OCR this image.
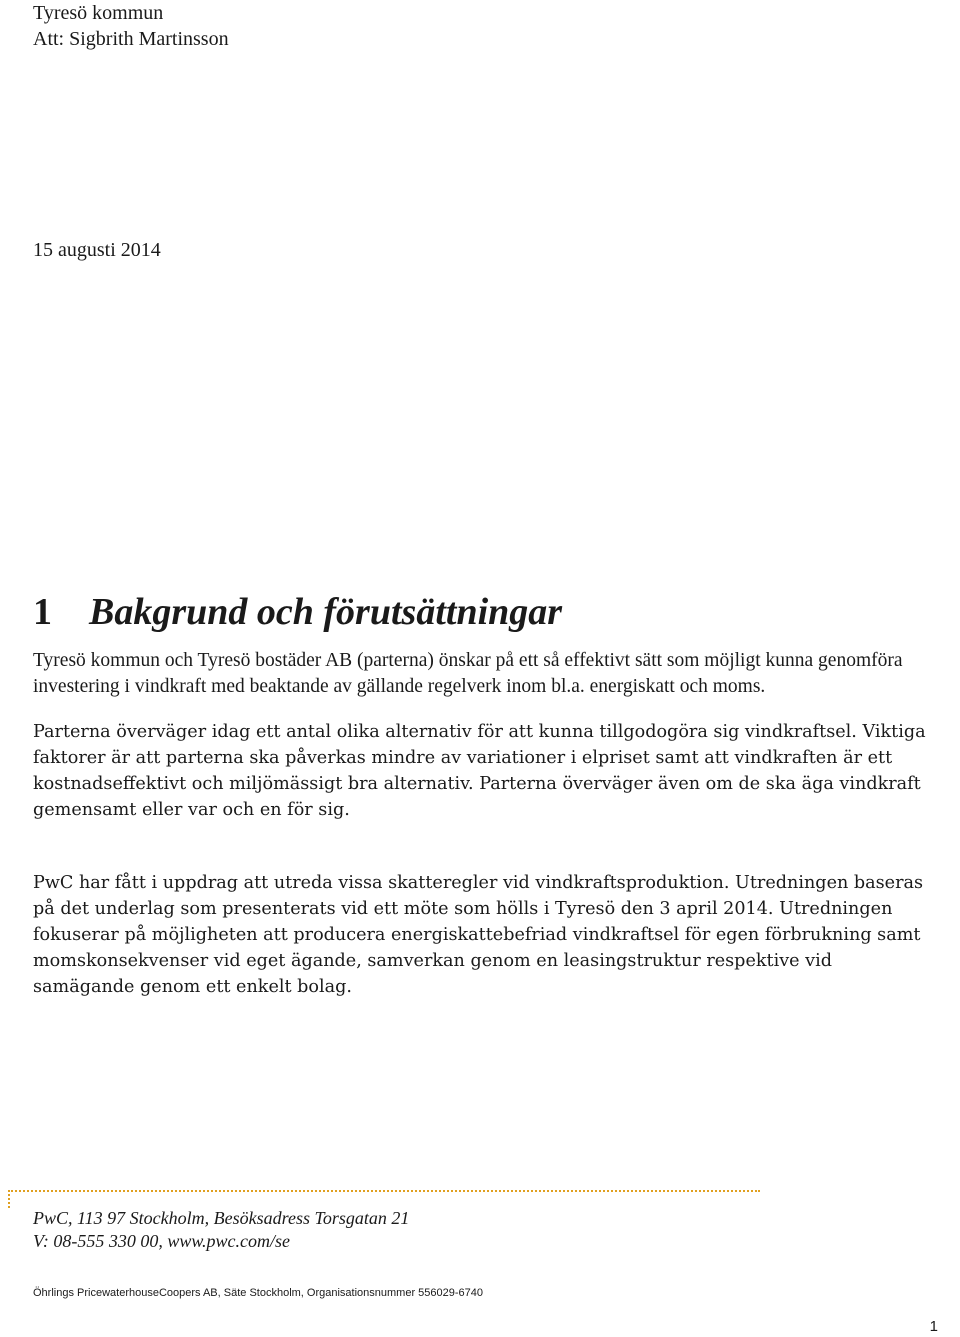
Tyresö kommun
Att: Sigbrith Martinsson
15 augusti 2014
1 Bakgrund och förutsättningar

Tyresö kommun och Tyresö bostäder AB (parterna) önskar på ett så effektivt sätt som möjligt kunna genomföra investering i vindkraft med beaktande av gällande regelverk inom bl.a. energiskatt och moms.

Parterna överväger idag ett antal olika alternativ för att kunna tillgodogöra sig vindkraftsel. Viktiga faktorer är att parterna ska påverkas mindre av variationer i elpriset samt att vindkraften är ett kostnadseffektivt och miljömässigt bra alternativ. Parterna överväger även om de ska äga vindkraft gemensamt eller var och en för sig.

PwC har fått i uppdrag att utreda vissa skatteregler vid vindkraftsproduktion. Utredningen baseras på det underlag som presenterats vid ett möte som hölls i Tyresö den 3 april 2014. Utredningen fokuserar på möjligheten att producera energiskattebefriad vindkraftsel för egen förbrukning samt momskonsekvenser vid eget ägande, samverkan genom en leasingstruktur respektive vid samägande genom ett enkelt bolag.

PwC, 113 97 Stockholm, Besöksadress Torsgatan 21
V: 08-555 330 00, www.pwc.com/se
Öhrlings PricewaterhouseCoopers AB, Säte Stockholm, Organisationsnummer 556029-6740
1
